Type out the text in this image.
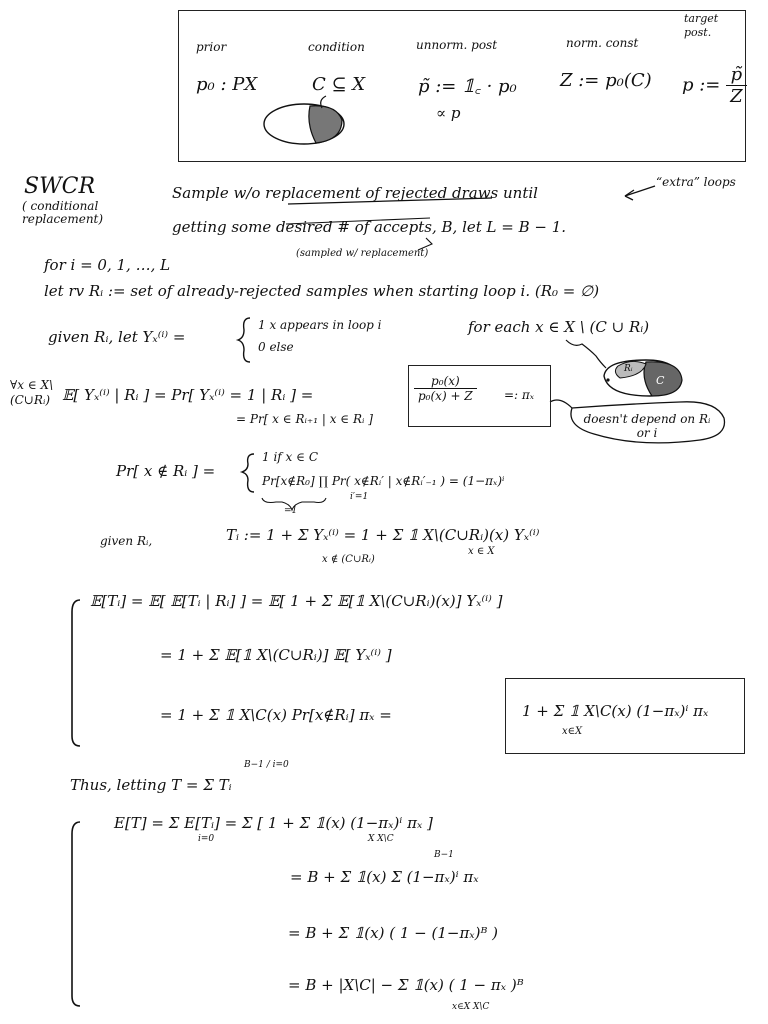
prior	condition	unnorm. post	norm. const
target post.
p₀ : PX	C ⊆ X	p̃ := 𝟙꜀ · p₀
∝ p
Z := p₀(C) p := $\frac{p̃}{Z}$
SWCR
( conditional replacement)
Sample w/o replacement of rejected draws until
“extra” loops
getting some desired # of accepts, B, let L = B − 1.
(sampled w/ replacement)
for i = 0, 1, …, L
let rv Rᵢ := set of already-rejected samples when starting loop i. (R₀ = ∅)
given Rᵢ, let Yₓ⁽ⁱ⁾ =
1 x appears in loop i
0 else
for each x ∈ X \ (C ∪ Rᵢ)
∀x ∈ X\(C∪Rᵢ) 𝔼[ Yₓ⁽ⁱ⁾ | Rᵢ ] = Pr[ Yₓ⁽ⁱ⁾ = 1 | Rᵢ ] =
= Pr[ x ∈ Rᵢ₊₁ | x ∈ Rᵢ ]
$\frac{\text{p₀(x)}}{\text{p₀(x) + Z}}$ =: πₓ
Rᵢ
C
doesn't depend on Rᵢ or i
Pr[ x ∉ Rᵢ ] =
1 if x ∈ C
Pr[x∉R₀] ∏ Pr( x∉Rᵢ′ | x∉Rᵢ′₋₁ ) = (1−πₓ)ⁱ
i′=1
=1
given Rᵢ,	Tᵢ := 1 + Σ Yₓ⁽ⁱ⁾ = 1 + Σ 𝟙 X\(C∪Rᵢ)(x) Yₓ⁽ⁱ⁾
x ∉ (C∪Rᵢ)
x ∈ X
𝔼[Tᵢ] = 𝔼[ 𝔼[Tᵢ | Rᵢ] ] = 𝔼[ 1 + Σ 𝔼[𝟙 X\(C∪Rᵢ)(x)] Yₓ⁽ⁱ⁾ ]
= 1 + Σ 𝔼[𝟙 X\(C∪Rᵢ)] 𝔼[ Yₓ⁽ⁱ⁾ ]
= 1 + Σ 𝟙 X\C(x) Pr[x∉Rᵢ] πₓ =	1 + Σ 𝟙 X\C(x) (1−πₓ)ⁱ πₓ
x∈X
Thus, letting T = Σ Tᵢ
B−1 / i=0
E[T] = Σ E[Tᵢ] = Σ [ 1 + Σ 𝟙(x) (1−πₓ)ⁱ πₓ ]
i=0	X X\C
= B + Σ 𝟙(x) Σ (1−πₓ)ⁱ πₓ
B−1
= B + Σ 𝟙(x) ( 1 − (1−πₓ)ᴮ )
= B + |X\C| − Σ 𝟙(x) ( 1 − πₓ )ᴮ
x∈X X\C
